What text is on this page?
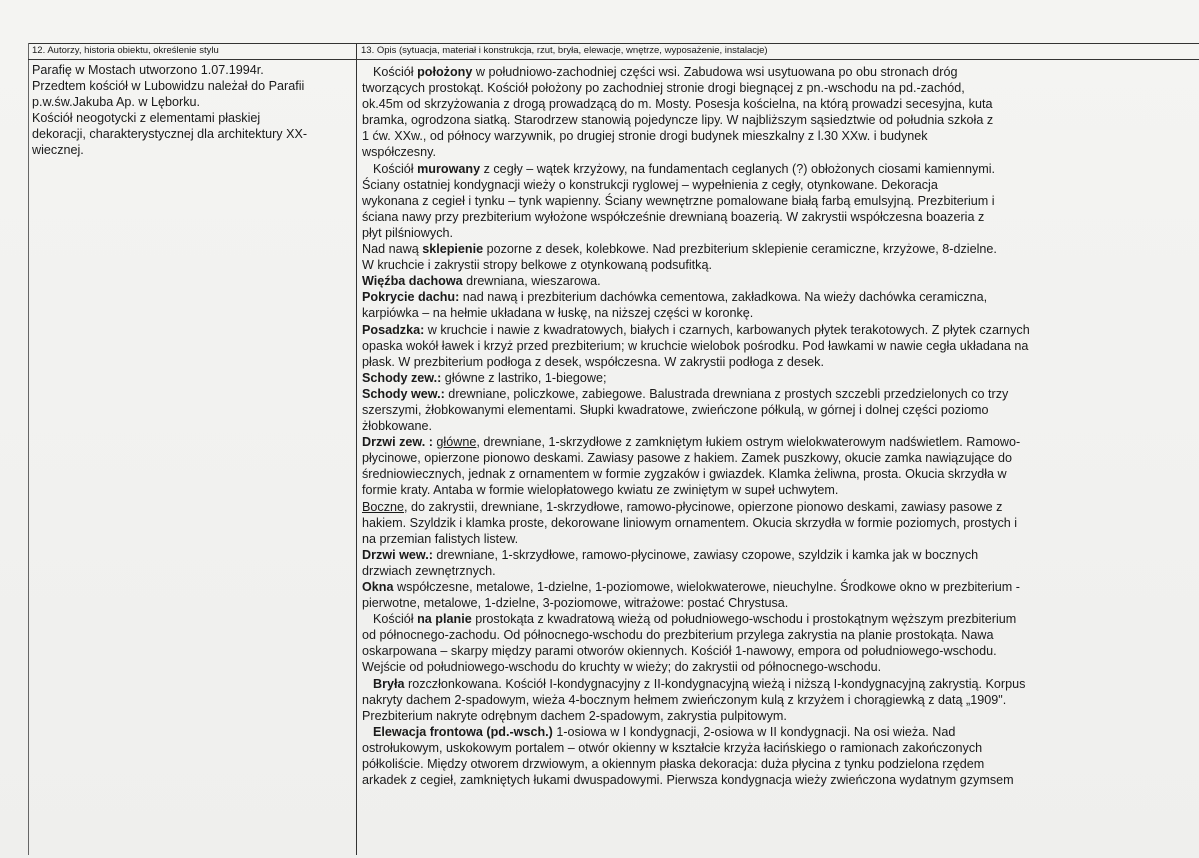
12. Autorzy, historia obiektu, określenie stylu	13. Opis (sytuacja, materiał i konstrukcja, rzut, bryła, elewacje, wnętrze, wyposażenie, instalacje)
Parafię w Mostach utworzono 1.07.1994r.
Przedtem kościół w Lubowidzu należał do Parafii
p.w.św.Jakuba Ap. w Lęborku.
Kościół neogotycki z elementami płaskiej
dekoracji, charakterystycznej dla architektury XX-
wiecznej.
Kościół położony w południowo-zachodniej części wsi. Zabudowa wsi usytuowana po obu stronach dróg
tworzących prostokąt. Kościół położony po zachodniej stronie drogi biegnącej z pn.-wschodu na pd.-zachód,
ok.45m od skrzyżowania z drogą prowadzącą do m. Mosty. Posesja kościelna, na którą prowadzi secesyjna, kuta
bramka, ogrodzona siatką. Starodrzew stanowią pojedyncze lipy. W najbliższym sąsiedztwie od południa szkoła z
1 ćw. XXw., od północy warzywnik, po drugiej stronie drogi budynek mieszkalny z l.30 XXw. i budynek
współczesny.
Kościół murowany z cegły – wątek krzyżowy, na fundamentach ceglanych (?) obłożonych ciosami kamiennymi.
Ściany ostatniej kondygnacji wieży o konstrukcji ryglowej – wypełnienia z cegły, otynkowane. Dekoracja
wykonana z cegieł i tynku – tynk wapienny. Ściany wewnętrzne pomalowane białą farbą emulsyjną. Prezbiterium i
ściana nawy przy prezbiterium wyłożone współcześnie drewnianą boazerią. W zakrystii współczesna boazeria z
płyt pilśniowych.
Nad nawą sklepienie pozorne z desek, kolebkowe. Nad prezbiterium sklepienie ceramiczne, krzyżowe, 8-dzielne.
W kruchcie i zakrystii stropy belkowe z otynkowaną podsufitką.
Więźba dachowa drewniana, wieszarowa.
Pokrycie dachu: nad nawą i prezbiterium dachówka cementowa, zakładkowa. Na wieży dachówka ceramiczna,
karpiówka – na hełmie układana w łuskę, na niższej części w koronkę.
Posadzka: w kruchcie i nawie z kwadratowych, białych i czarnych, karbowanych płytek terakotowych. Z płytek czarnych
opaska wokół ławek i krzyż przed prezbiterium; w kruchcie wielobok pośrodku. Pod ławkami w nawie cegła układana na
płask. W prezbiterium podłoga z desek, współczesna. W zakrystii podłoga z desek.
Schody zew.: główne z lastriko, 1-biegowe;
Schody wew.: drewniane, policzkowe, zabiegowe. Balustrada drewniana z prostych szczebli przedzielonych co trzy
szerszymi, żłobkowanymi elementami. Słupki kwadratowe, zwieńczone półkulą, w górnej i dolnej części poziomo
żłobkowane.
Drzwi zew. : główne, drewniane, 1-skrzydłowe z zamkniętym łukiem ostrym wielokwaterowym nadświetlem. Ramowo-
płycinowe, opierzone pionowo deskami. Zawiasy pasowe z hakiem. Zamek puszkowy, okucie zamka nawiązujące do
średniowiecznych, jednak z ornamentem w formie zygzaków i gwiazdek. Klamka żeliwna, prosta. Okucia skrzydła w
formie kraty. Antaba w formie wielopłatowego kwiatu ze zwiniętym w supeł uchwytem.
Boczne, do zakrystii, drewniane, 1-skrzydłowe, ramowo-płycinowe, opierzone pionowo deskami, zawiasy pasowe z
hakiem. Szyldzik i klamka proste, dekorowane liniowym ornamentem. Okucia skrzydła w formie poziomych, prostych i
na przemian falistych listew.
Drzwi wew.: drewniane, 1-skrzydłowe, ramowo-płycinowe, zawiasy czopowe, szyldzik i kamka jak w bocznych
drzwiach zewnętrznych.
Okna współczesne, metalowe, 1-dzielne, 1-poziomowe, wielokwaterowe, nieuchylne. Środkowe okno w prezbiterium -
pierwotne, metalowe, 1-dzielne, 3-poziomowe, witrażowe: postać Chrystusa.
Kościół na planie prostokąta z kwadratową wieżą od południowego-wschodu i prostokątnym węższym prezbiterium
od północnego-zachodu. Od północnego-wschodu do prezbiterium przylega zakrystia na planie prostokąta. Nawa
oskarpowana – skarpy między parami otworów okiennych. Kościół 1-nawowy, empora od południowego-wschodu.
Wejście od południowego-wschodu do kruchty w wieży; do zakrystii od północnego-wschodu.
Bryła rozczłonkowana. Kościół I-kondygnacyjny z II-kondygnacyjną wieżą i niższą I-kondygnacyjną zakrystią. Korpus
nakryty dachem 2-spadowym, wieża 4-bocznym hełmem zwieńczonym kulą z krzyżem i chorągiewką z datą „1909".
Prezbiterium nakryte odrębnym dachem 2-spadowym, zakrystia pulpitowym.
Elewacja frontowa (pd.-wsch.) 1-osiowa w I kondygnacji, 2-osiowa w II kondygnacji. Na osi wieża. Nad
ostrołukowym, uskokowym portalem – otwór okienny w kształcie krzyża łacińskiego o ramionach zakończonych
półkoliście. Między otworem drzwiowym, a okiennym płaska dekoracja: duża płycina z tynku podzielona rzędem
arkadek z cegieł, zamkniętych łukami dwuspadowymi. Pierwsza kondygnacja wieży zwieńczona wydatnym gzymsem
